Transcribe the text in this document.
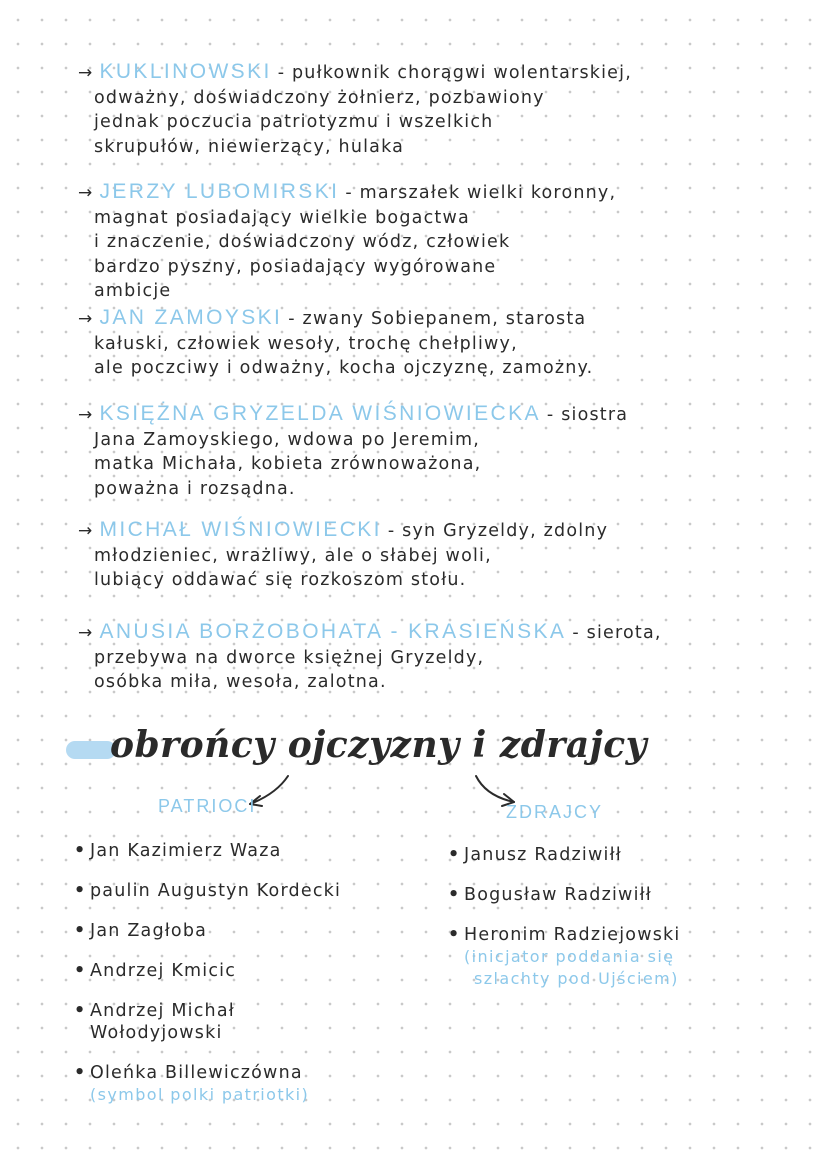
→ KUKLINOWSKI - pułkownik chorągwi wolentarskiej,
odważny, doświadczony żołnierz, pozbawiony
jednak poczucia patriotyzmu i wszelkich
skrupułów, niewierzący, hulaka
→ JERZY LUBOMIRSKI - marszałek wielki koronny,
magnat posiadający wielkie bogactwa
i znaczenie, doświadczony wódz, człowiek
bardzo pyszny, posiadający wygórowane
ambicje
→ JAN ZAMOYSKI - zwany Sobiepanem, starosta
kałuski, człowiek wesoły, trochę chełpliwy,
ale poczciwy i odważny, kocha ojczyznę, zamożny.
→ KSIĘŻNA GRYZELDA WIŚNIOWIECKA - siostra
Jana Zamoyskiego, wdowa po Jeremim,
matka Michała, kobieta zrównoważona,
poważna i rozsądna.
→ MICHAŁ WIŚNIOWIECKI - syn Gryzeldy, zdolny
młodzieniec, wrażliwy, ale o słabej woli,
lubiący oddawać się rozkoszom stołu.
→ ANUSIA BORZOBOHATA - KRASIEŃSKA - sierota,
przebywa na dworce księżnej Gryzeldy,
osóbka miła, wesoła, zalotna.
obrońcy ojczyzny i zdrajcy
PATRIOCI	ZDRAJCY
• Jan Kazimierz Waza
• paulin Augustyn Kordecki
• Jan Zagłoba
• Andrzej Kmicic
• Andrzej Michał
Wołodyjowski
• Oleńka Billewiczówna
(symbol polki patriotki)
• Janusz Radziwiłł
• Bogusław Radziwiłł
• Heronim Radziejowski
(inicjator poddania się
szlachty pod Ujściem)
